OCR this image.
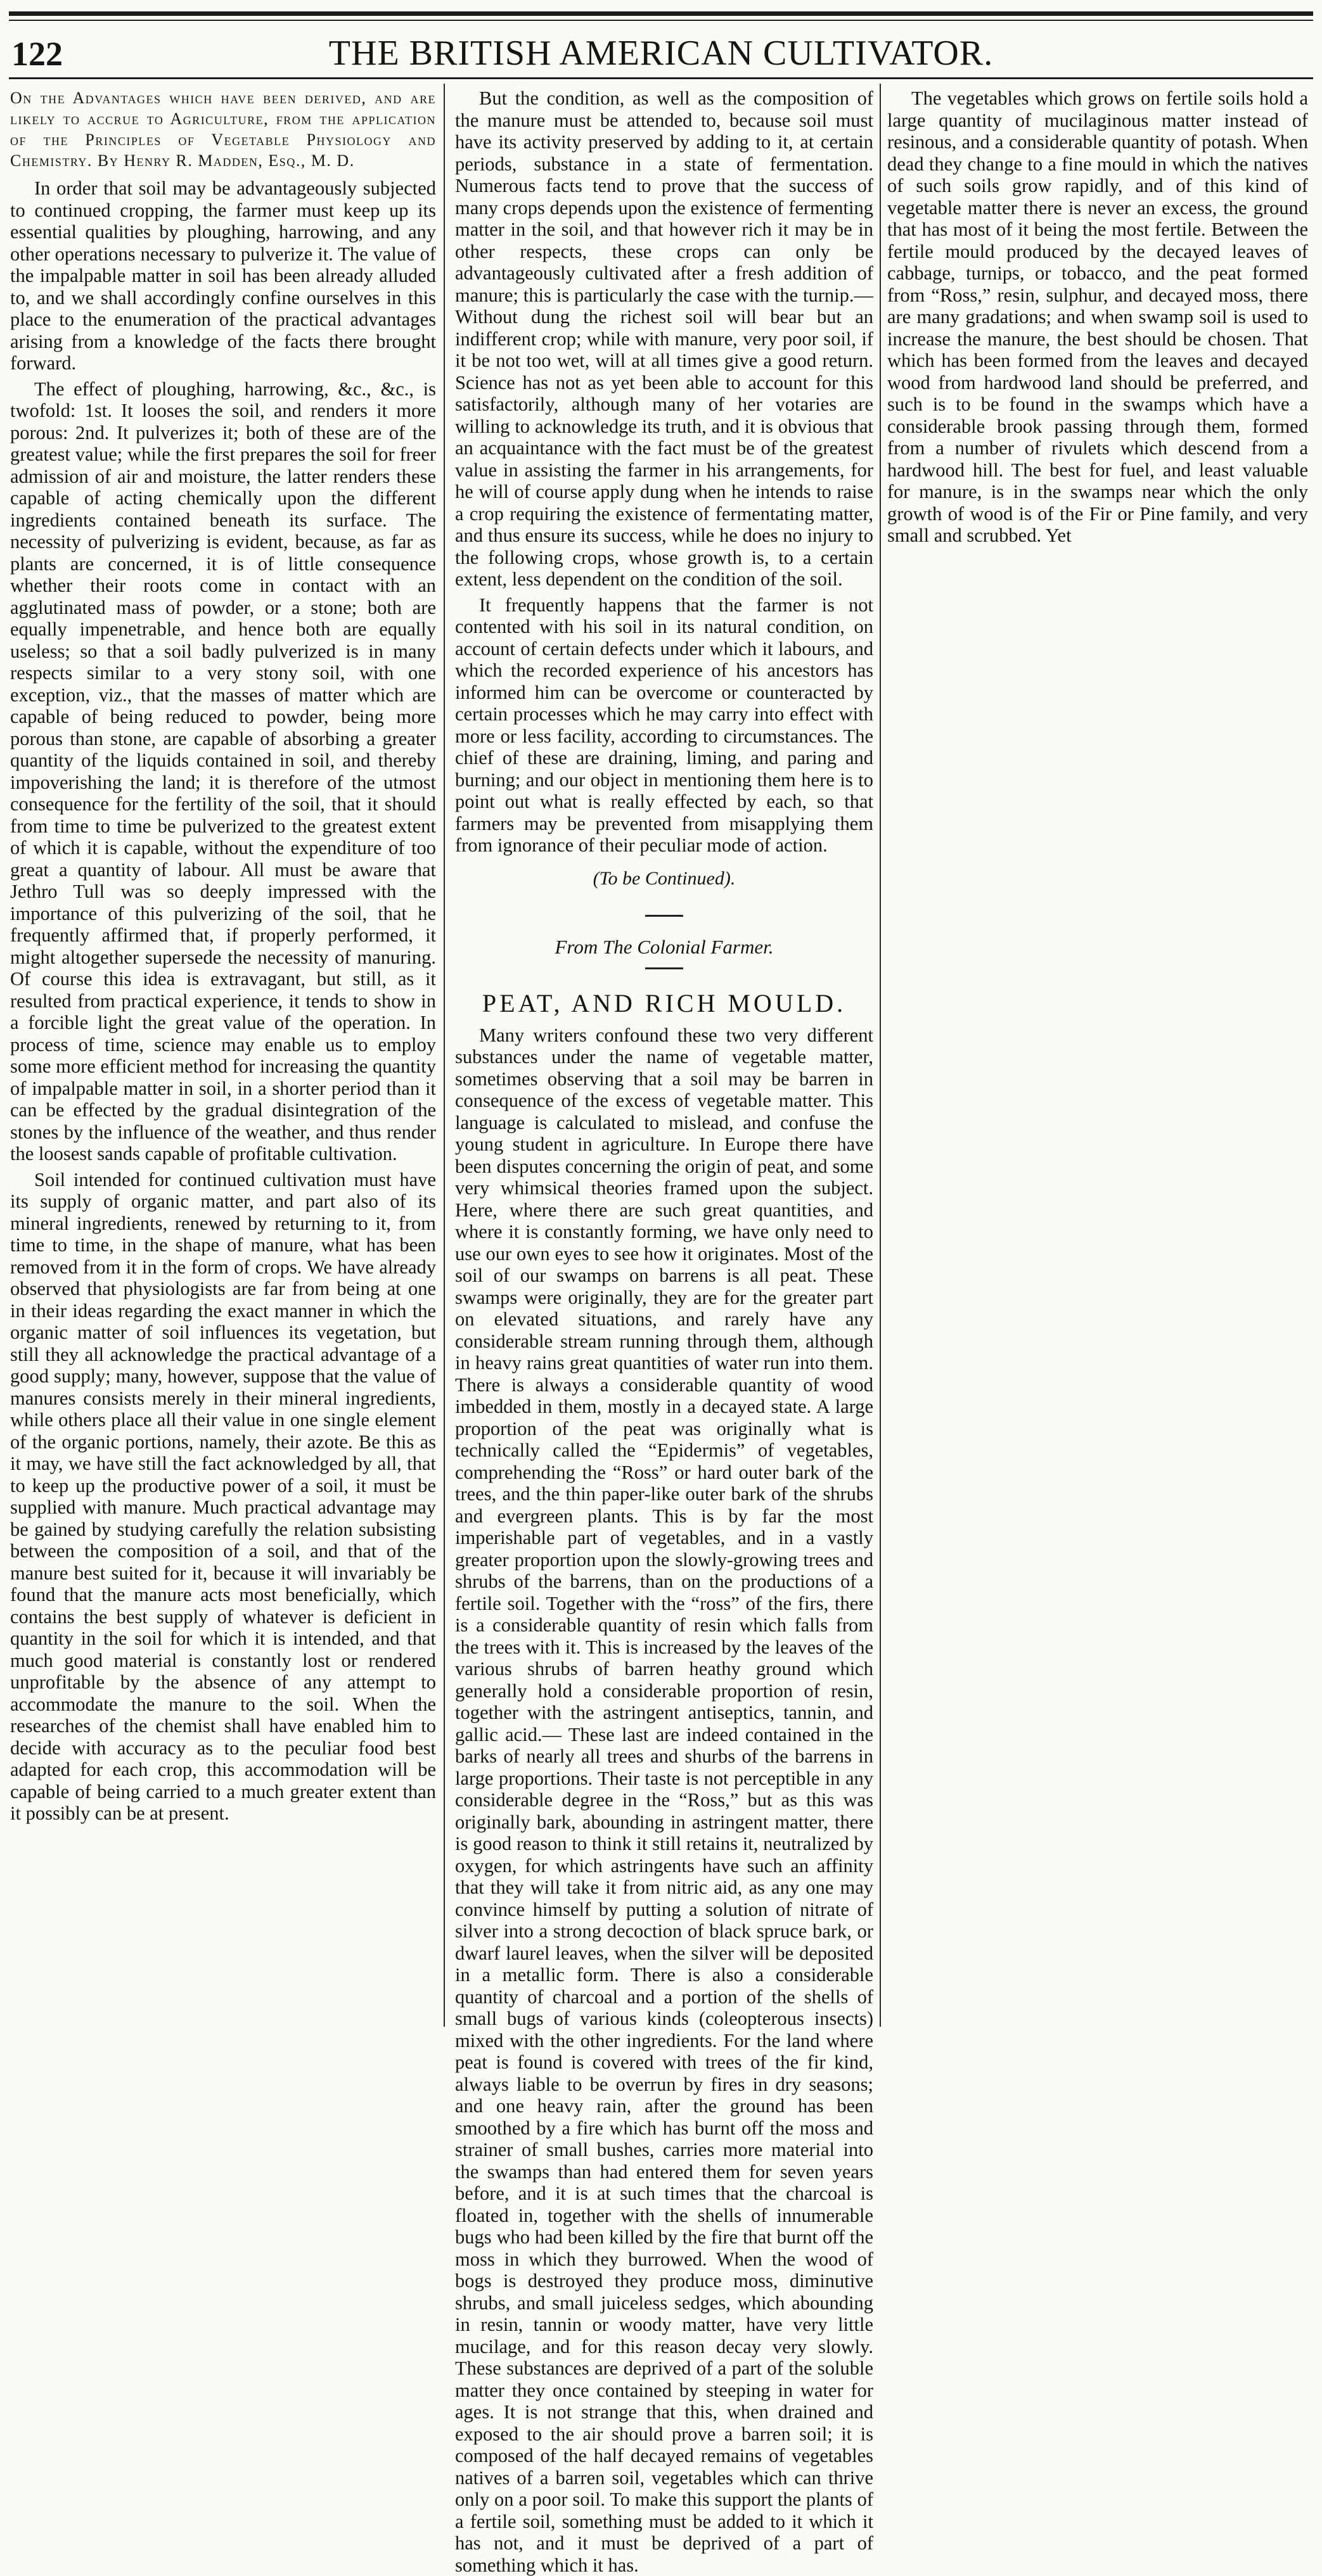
122	THE BRITISH AMERICAN CULTIVATOR.
On the Advantages which have been derived, and are likely to accrue to Agriculture, from the application of the Principles of Vegetable Physiology and Chemistry. By Henry R. Madden, Esq., M. D.

In order that soil may be advantageously subjected to continued cropping, the farmer must keep up its essential qualities by ploughing, harrowing, and any other operations necessary to pulverize it. The value of the impalpable matter in soil has been already alluded to, and we shall accordingly confine ourselves in this place to the enumeration of the practical advantages arising from a knowledge of the facts there brought forward.

The effect of ploughing, harrowing, &c., &c., is twofold: 1st. It looses the soil, and renders it more porous: 2nd. It pulverizes it; both of these are of the greatest value; while the first prepares the soil for freer admission of air and moisture, the latter renders these capable of acting chemically upon the different ingredients contained beneath its surface. The necessity of pulverizing is evident, because, as far as plants are concerned, it is of little consequence whether their roots come in contact with an agglutinated mass of powder, or a stone; both are equally impenetrable, and hence both are equally useless; so that a soil badly pulverized is in many respects similar to a very stony soil, with one exception, viz., that the masses of matter which are capable of being reduced to powder, being more porous than stone, are capable of absorbing a greater quantity of the liquids contained in soil, and thereby impoverishing the land; it is therefore of the utmost consequence for the fertility of the soil, that it should from time to time be pulverized to the greatest extent of which it is capable, without the expenditure of too great a quantity of labour. All must be aware that Jethro Tull was so deeply impressed with the importance of this pulverizing of the soil, that he frequently affirmed that, if properly performed, it might altogether supersede the necessity of manuring. Of course this idea is extravagant, but still, as it resulted from practical experience, it tends to show in a forcible light the great value of the operation. In process of time, science may enable us to employ some more efficient method for increasing the quantity of impalpable matter in soil, in a shorter period than it can be effected by the gradual disintegration of the stones by the influence of the weather, and thus render the loosest sands capable of profitable cultivation.

Soil intended for continued cultivation must have its supply of organic matter, and part also of its mineral ingredients, renewed by returning to it, from time to time, in the shape of manure, what has been removed from it in the form of crops. We have already observed that physiologists are far from being at one in their ideas regarding the exact manner in which the organic matter of soil influences its vegetation, but still they all acknowledge the practical advantage of a good supply; many, however, suppose that the value of manures consists merely in their mineral ingredients, while others place all their value in one single element of the organic portions, namely, their azote. Be this as it may, we have still the fact acknowledged by all, that to keep up the productive power of a soil, it must be supplied with manure. Much practical advantage may be gained by studying carefully the relation subsisting between the composition of a soil, and that of the manure best suited for it, because it will invariably be found that the manure acts most beneficially, which contains the best supply of whatever is deficient in quantity in the soil for which it is intended, and that much good material is constantly lost or rendered unprofitable by the absence of any attempt to accommodate the manure to the soil. When the researches of the chemist shall have enabled him to decide with accuracy as to the peculiar food best adapted for each crop, this accommodation will be capable of being carried to a much greater extent than it possibly can be at present.

But the condition, as well as the composition of the manure must be attended to, because soil must have its activity preserved by adding to it, at certain periods, substance in a state of fermentation. Numerous facts tend to prove that the success of many crops depends upon the existence of fermenting matter in the soil, and that however rich it may be in other respects, these crops can only be advantageously cultivated after a fresh addition of manure; this is particularly the case with the turnip.— Without dung the richest soil will bear but an indifferent crop; while with manure, very poor soil, if it be not too wet, will at all times give a good return. Science has not as yet been able to account for this satisfactorily, although many of her votaries are willing to acknowledge its truth, and it is obvious that an acquaintance with the fact must be of the greatest value in assisting the farmer in his arrangements, for he will of course apply dung when he intends to raise a crop requiring the existence of fermentating matter, and thus ensure its success, while he does no injury to the following crops, whose growth is, to a certain extent, less dependent on the condition of the soil.

It frequently happens that the farmer is not contented with his soil in its natural condition, on account of certain defects under which it labours, and which the recorded experience of his ancestors has informed him can be overcome or counteracted by certain processes which he may carry into effect with more or less facility, according to circumstances. The chief of these are draining, liming, and paring and burning; and our object in mentioning them here is to point out what is really effected by each, so that farmers may be prevented from misapplying them from ignorance of their peculiar mode of action.

(To be Continued).
From The Colonial Farmer.
PEAT, AND RICH MOULD.

Many writers confound these two very different substances under the name of vegetable matter, sometimes observing that a soil may be barren in consequence of the excess of vegetable matter. This language is calculated to mislead, and confuse the young student in agriculture. In Europe there have been disputes concerning the origin of peat, and some very whimsical theories framed upon the subject. Here, where there are such great quantities, and where it is constantly forming, we have only need to use our own eyes to see how it originates. Most of the soil of our swamps on barrens is all peat. These swamps were originally, they are for the greater part on elevated situations, and rarely have any considerable stream running through them, although in heavy rains great quantities of water run into them. There is always a considerable quantity of wood imbedded in them, mostly in a decayed state. A large proportion of the peat was originally what is technically called the “Epidermis” of vegetables, comprehending the “Ross” or hard outer bark of the trees, and the thin paper-like outer bark of the shrubs and evergreen plants. This is by far the most imperishable part of vegetables, and in a vastly greater proportion upon the slowly-growing trees and shrubs of the barrens, than on the productions of a fertile soil. Together with the “ross” of the firs, there is a considerable quantity of resin which falls from the trees with it. This is increased by the leaves of the various shrubs of barren heathy ground which generally hold a considerable proportion of resin, together with the astringent antiseptics, tannin, and gallic acid.— These last are indeed contained in the barks of nearly all trees and shurbs of the barrens in large proportions. Their taste is not perceptible in any considerable degree in the “Ross,” but as this was originally bark, abounding in astringent matter, there is good reason to think it still retains it, neutralized by oxygen, for which astringents have such an affinity that they will take it from nitric aid, as any one may convince himself by putting a solution of nitrate of silver into a strong decoction of black spruce bark, or dwarf laurel leaves, when the silver will be deposited in a metallic form. There is also a considerable quantity of charcoal and a portion of the shells of small bugs of various kinds (coleopterous insects) mixed with the other ingredients. For the land where peat is found is covered with trees of the fir kind, always liable to be overrun by fires in dry seasons; and one heavy rain, after the ground has been smoothed by a fire which has burnt off the moss and strainer of small bushes, carries more material into the swamps than had entered them for seven years before, and it is at such times that the charcoal is floated in, together with the shells of innumerable bugs who had been killed by the fire that burnt off the moss in which they burrowed. When the wood of bogs is destroyed they produce moss, diminutive shrubs, and small juiceless sedges, which abounding in resin, tannin or woody matter, have very little mucilage, and for this reason decay very slowly. These substances are deprived of a part of the soluble matter they once contained by steeping in water for ages. It is not strange that this, when drained and exposed to the air should prove a barren soil; it is composed of the half decayed remains of vegetables natives of a barren soil, vegetables which can thrive only on a poor soil. To make this support the plants of a fertile soil, something must be added to it which it has not, and it must be deprived of a part of something which it has.

The vegetables which grows on fertile soils hold a large quantity of mucilaginous matter instead of resinous, and a considerable quantity of potash. When dead they change to a fine mould in which the natives of such soils grow rapidly, and of this kind of vegetable matter there is never an excess, the ground that has most of it being the most fertile. Between the fertile mould produced by the decayed leaves of cabbage, turnips, or tobacco, and the peat formed from “Ross,” resin, sulphur, and decayed moss, there are many gradations; and when swamp soil is used to increase the manure, the best should be chosen. That which has been formed from the leaves and decayed wood from hardwood land should be preferred, and such is to be found in the swamps which have a considerable brook passing through them, formed from a number of rivulets which descend from a hardwood hill. The best for fuel, and least valuable for manure, is in the swamps near which the only growth of wood is of the Fir or Pine family, and very small and scrubbed. Yet
